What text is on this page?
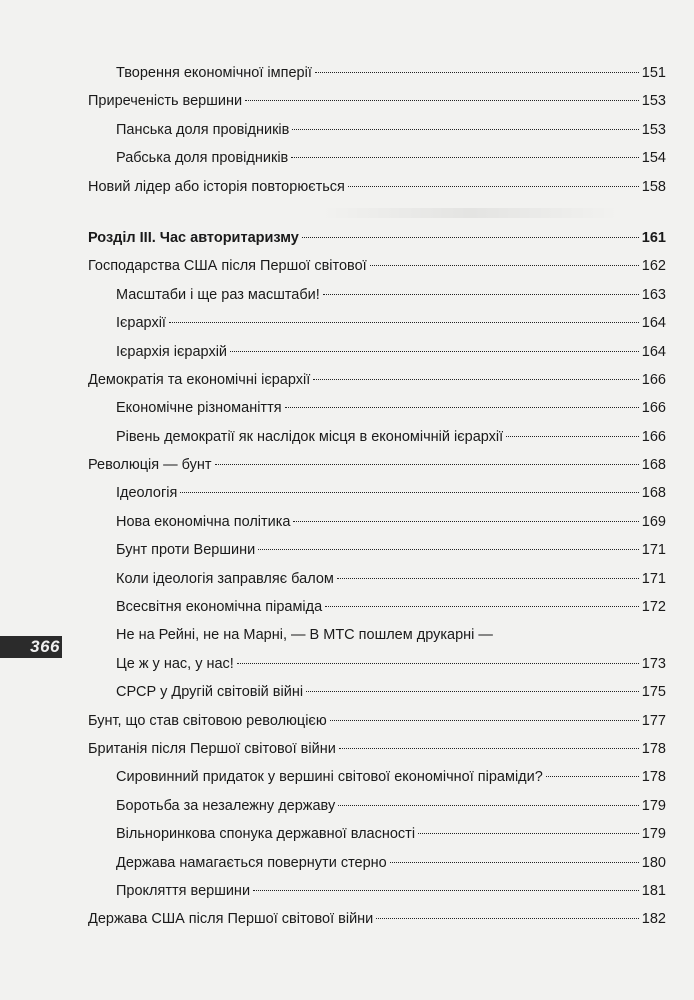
Творення економічної імперії	151
Приреченість вершини	153
Панська доля провідників	153
Рабська доля провідників	154
Новий лідер або історія повторюється	158
Розділ III. Час авторитаризму	161
Господарства США після Першої світової	162
Масштаби і ще раз масштаби!	163
Ієрархії	164
Ієрархія ієрархій	164
Демократія та економічні ієрархії	166
Економічне різноманіття	166
Рівень демократії як наслідок місця в економічній ієрархії	166
Революція — бунт	168
Ідеологія	168
Нова економічна політика	169
Бунт проти Вершини	171
Коли ідеологія заправляє балом	171
Всесвітня економічна піраміда	172
Не на Рейні, не на Марні, — В МТС пошлем друкарні —
Це ж у нас, у нас!	173
СРСР у Другій світовій війні	175
Бунт, що став світовою революцією	177
Британія після Першої світової війни	178
Сировинний придаток у вершині світової економічної піраміди?	178
Боротьба за незалежну державу	179
Вільноринкова спонука державної власності	179
Держава намагається повернути стерно	180
Прокляття вершини	181
Держава США після Першої світової війни	182
366
